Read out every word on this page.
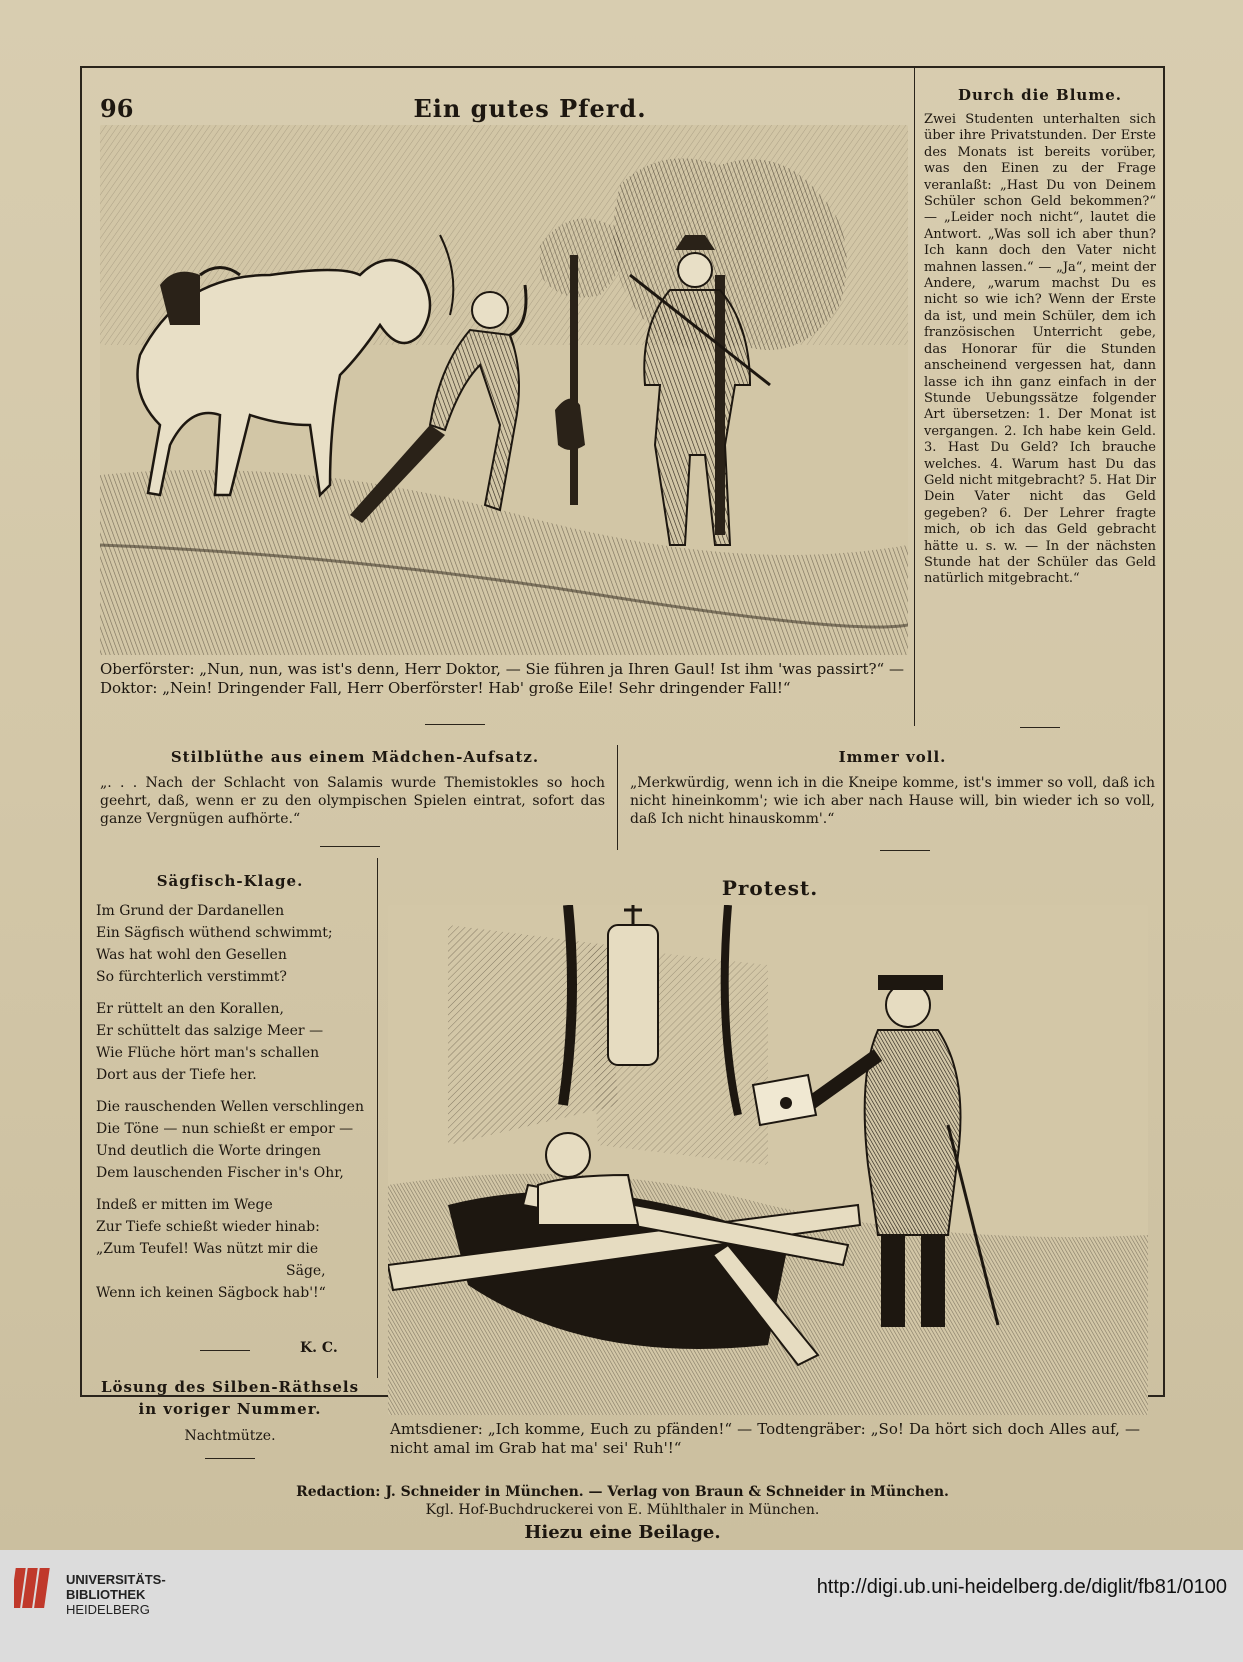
96	Ein gutes Pferd.
Oberförster: „Nun, nun, was ist's denn, Herr Doktor, — Sie führen ja Ihren Gaul! Ist ihm 'was passirt?“ — Doktor: „Nein! Dringender Fall, Herr Oberförster! Hab' große Eile! Sehr dringender Fall!“
Durch die Blume.
Zwei Studenten unterhalten sich über ihre Privatstunden. Der Erste des Monats ist bereits vorüber, was den Einen zu der Frage veranlaßt: „Hast Du von Deinem Schüler schon Geld bekommen?“ — „Leider noch nicht“, lautet die Antwort. „Was soll ich aber thun? Ich kann doch den Vater nicht mahnen lassen.“ — „Ja“, meint der Andere, „warum machst Du es nicht so wie ich? Wenn der Erste da ist, und mein Schüler, dem ich französischen Unterricht gebe, das Honorar für die Stunden anscheinend vergessen hat, dann lasse ich ihn ganz einfach in der Stunde Uebungssätze folgender Art übersetzen: 1. Der Monat ist vergangen. 2. Ich habe kein Geld. 3. Hast Du Geld? Ich brauche welches. 4. Warum hast Du das Geld nicht mitgebracht? 5. Hat Dir Dein Vater nicht das Geld gegeben? 6. Der Lehrer fragte mich, ob ich das Geld gebracht hätte u. s. w. — In der nächsten Stunde hat der Schüler das Geld natürlich mitgebracht.“
Stilblüthe aus einem Mädchen-Aufsatz.
„. . . Nach der Schlacht von Salamis wurde Themistokles so hoch geehrt, daß, wenn er zu den olympischen Spielen eintrat, sofort das ganze Vergnügen aufhörte.“
Immer voll.
„Merkwürdig, wenn ich in die Kneipe komme, ist's immer so voll, daß ich nicht hineinkomm'; wie ich aber nach Hause will, bin wieder ich so voll, daß Ich nicht hinauskomm'.“
Sägfisch-Klage.

Im Grund der Dardanellen
Ein Sägfisch wüthend schwimmt;
Was hat wohl den Gesellen
So fürchterlich verstimmt?

Er rüttelt an den Korallen,
Er schüttelt das salzige Meer —
Wie Flüche hört man's schallen
Dort aus der Tiefe her.

Die rauschenden Wellen verschlingen
Die Töne — nun schießt er empor —
Und deutlich die Worte dringen
Dem lauschenden Fischer in's Ohr,

Indeß er mitten im Wege
Zur Tiefe schießt wieder hinab:
„Zum Teufel! Was nützt mir die
Säge,
Wenn ich keinen Sägbock hab'!“

K. C.
Lösung des Silben-Räthsels
in voriger Nummer.
Nachtmütze.
Protest.
Amtsdiener: „Ich komme, Euch zu pfänden!“ — Todtengräber: „So! Da hört sich doch Alles auf, — nicht amal im Grab hat ma' sei' Ruh'!“
Redaction: J. Schneider in München. — Verlag von Braun & Schneider in München.
Kgl. Hof-Buchdruckerei von E. Mühlthaler in München.
UNIVERSITÄTS-
BIBLIOTHEK
HEIDELBERG
http://digi.ub.uni-heidelberg.de/diglit/fb81/0100
Hiezu eine Beilage.
